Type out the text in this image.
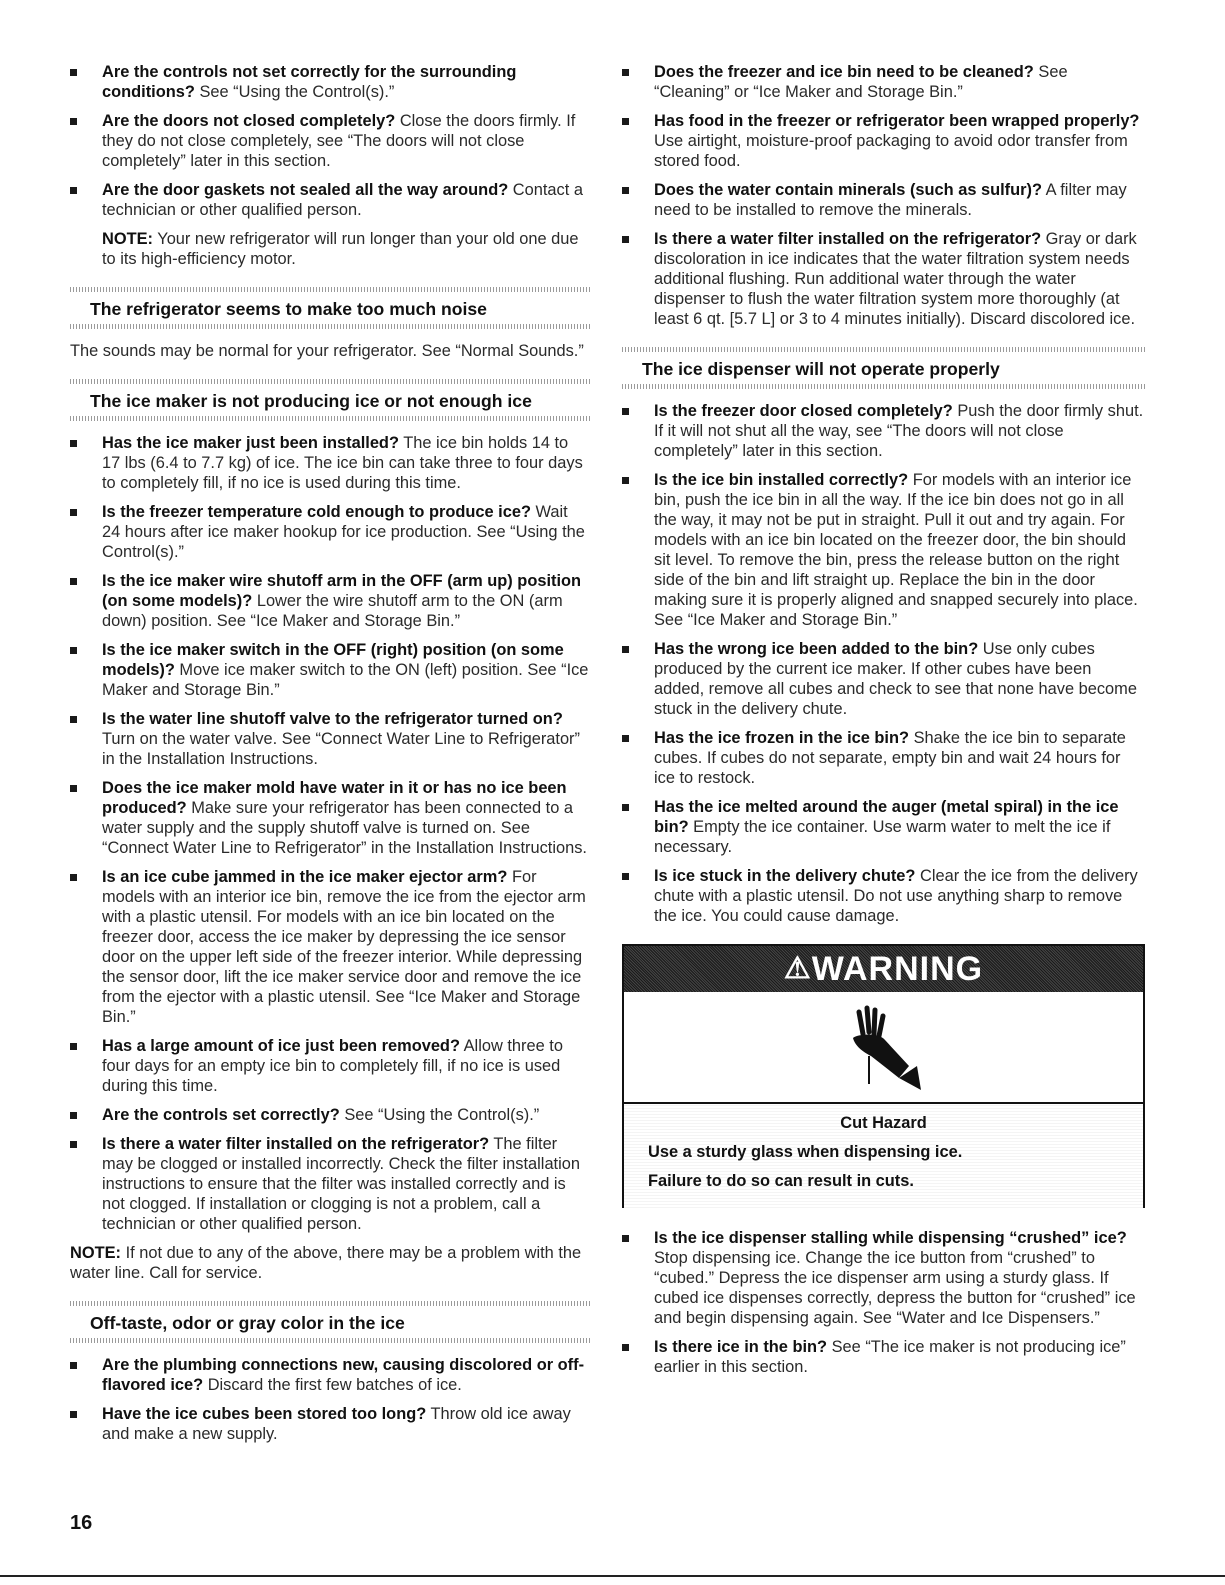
Are the controls not set correctly for the surrounding conditions? See “Using the Control(s).”
Are the doors not closed completely? Close the doors firmly. If they do not close completely, see “The doors will not close completely” later in this section.
Are the door gaskets not sealed all the way around? Contact a technician or other qualified person.
NOTE: Your new refrigerator will run longer than your old one due to its high-efficiency motor.
The refrigerator seems to make too much noise
The sounds may be normal for your refrigerator. See “Normal Sounds.”
The ice maker is not producing ice or not enough ice
Has the ice maker just been installed? The ice bin holds 14 to 17 lbs (6.4 to 7.7 kg) of ice. The ice bin can take three to four days to completely fill, if no ice is used during this time.
Is the freezer temperature cold enough to produce ice? Wait 24 hours after ice maker hookup for ice production. See “Using the Control(s).”
Is the ice maker wire shutoff arm in the OFF (arm up) position (on some models)? Lower the wire shutoff arm to the ON (arm down) position. See “Ice Maker and Storage Bin.”
Is the ice maker switch in the OFF (right) position (on some models)? Move ice maker switch to the ON (left) position. See “Ice Maker and Storage Bin.”
Is the water line shutoff valve to the refrigerator turned on? Turn on the water valve. See “Connect Water Line to Refrigerator” in the Installation Instructions.
Does the ice maker mold have water in it or has no ice been produced? Make sure your refrigerator has been connected to a water supply and the supply shutoff valve is turned on. See “Connect Water Line to Refrigerator” in the Installation Instructions.
Is an ice cube jammed in the ice maker ejector arm? For models with an interior ice bin, remove the ice from the ejector arm with a plastic utensil. For models with an ice bin located on the freezer door, access the ice maker by depressing the ice sensor door on the upper left side of the freezer interior. While depressing the sensor door, lift the ice maker service door and remove the ice from the ejector with a plastic utensil. See “Ice Maker and Storage Bin.”
Has a large amount of ice just been removed? Allow three to four days for an empty ice bin to completely fill, if no ice is used during this time.
Are the controls set correctly? See “Using the Control(s).”
Is there a water filter installed on the refrigerator? The filter may be clogged or installed incorrectly. Check the filter installation instructions to ensure that the filter was installed correctly and is not clogged. If installation or clogging is not a problem, call a technician or other qualified person.
NOTE: If not due to any of the above, there may be a problem with the water line. Call for service.
Off-taste, odor or gray color in the ice
Are the plumbing connections new, causing discolored or off-flavored ice? Discard the first few batches of ice.
Have the ice cubes been stored too long? Throw old ice away and make a new supply.
Does the freezer and ice bin need to be cleaned? See “Cleaning” or “Ice Maker and Storage Bin.”
Has food in the freezer or refrigerator been wrapped properly? Use airtight, moisture-proof packaging to avoid odor transfer from stored food.
Does the water contain minerals (such as sulfur)? A filter may need to be installed to remove the minerals.
Is there a water filter installed on the refrigerator? Gray or dark discoloration in ice indicates that the water filtration system needs additional flushing. Run additional water through the water dispenser to flush the water filtration system more thoroughly (at least 6 qt. [5.7 L] or 3 to 4 minutes initially). Discard discolored ice.
The ice dispenser will not operate properly
Is the freezer door closed completely? Push the door firmly shut. If it will not shut all the way, see “The doors will not close completely” later in this section.
Is the ice bin installed correctly? For models with an interior ice bin, push the ice bin in all the way. If the ice bin does not go in all the way, it may not be put in straight. Pull it out and try again. For models with an ice bin located on the freezer door, the bin should sit level. To remove the bin, press the release button on the right side of the bin and lift straight up. Replace the bin in the door making sure it is properly aligned and snapped securely into place. See “Ice Maker and Storage Bin.”
Has the wrong ice been added to the bin? Use only cubes produced by the current ice maker. If other cubes have been added, remove all cubes and check to see that none have become stuck in the delivery chute.
Has the ice frozen in the ice bin? Shake the ice bin to separate cubes. If cubes do not separate, empty bin and wait 24 hours for ice to restock.
Has the ice melted around the auger (metal spiral) in the ice bin? Empty the ice container. Use warm water to melt the ice if necessary.
Is ice stuck in the delivery chute? Clear the ice from the delivery chute with a plastic utensil. Do not use anything sharp to remove the ice. You could cause damage.
⚠WARNING
Cut Hazard
Use a sturdy glass when dispensing ice.
Failure to do so can result in cuts.
Is the ice dispenser stalling while dispensing “crushed” ice? Stop dispensing ice. Change the ice button from “crushed” to “cubed.” Depress the ice dispenser arm using a sturdy glass. If cubed ice dispenses correctly, depress the button for “crushed” ice and begin dispensing again. See “Water and Ice Dispensers.”
Is there ice in the bin? See “The ice maker is not producing ice” earlier in this section.
16
